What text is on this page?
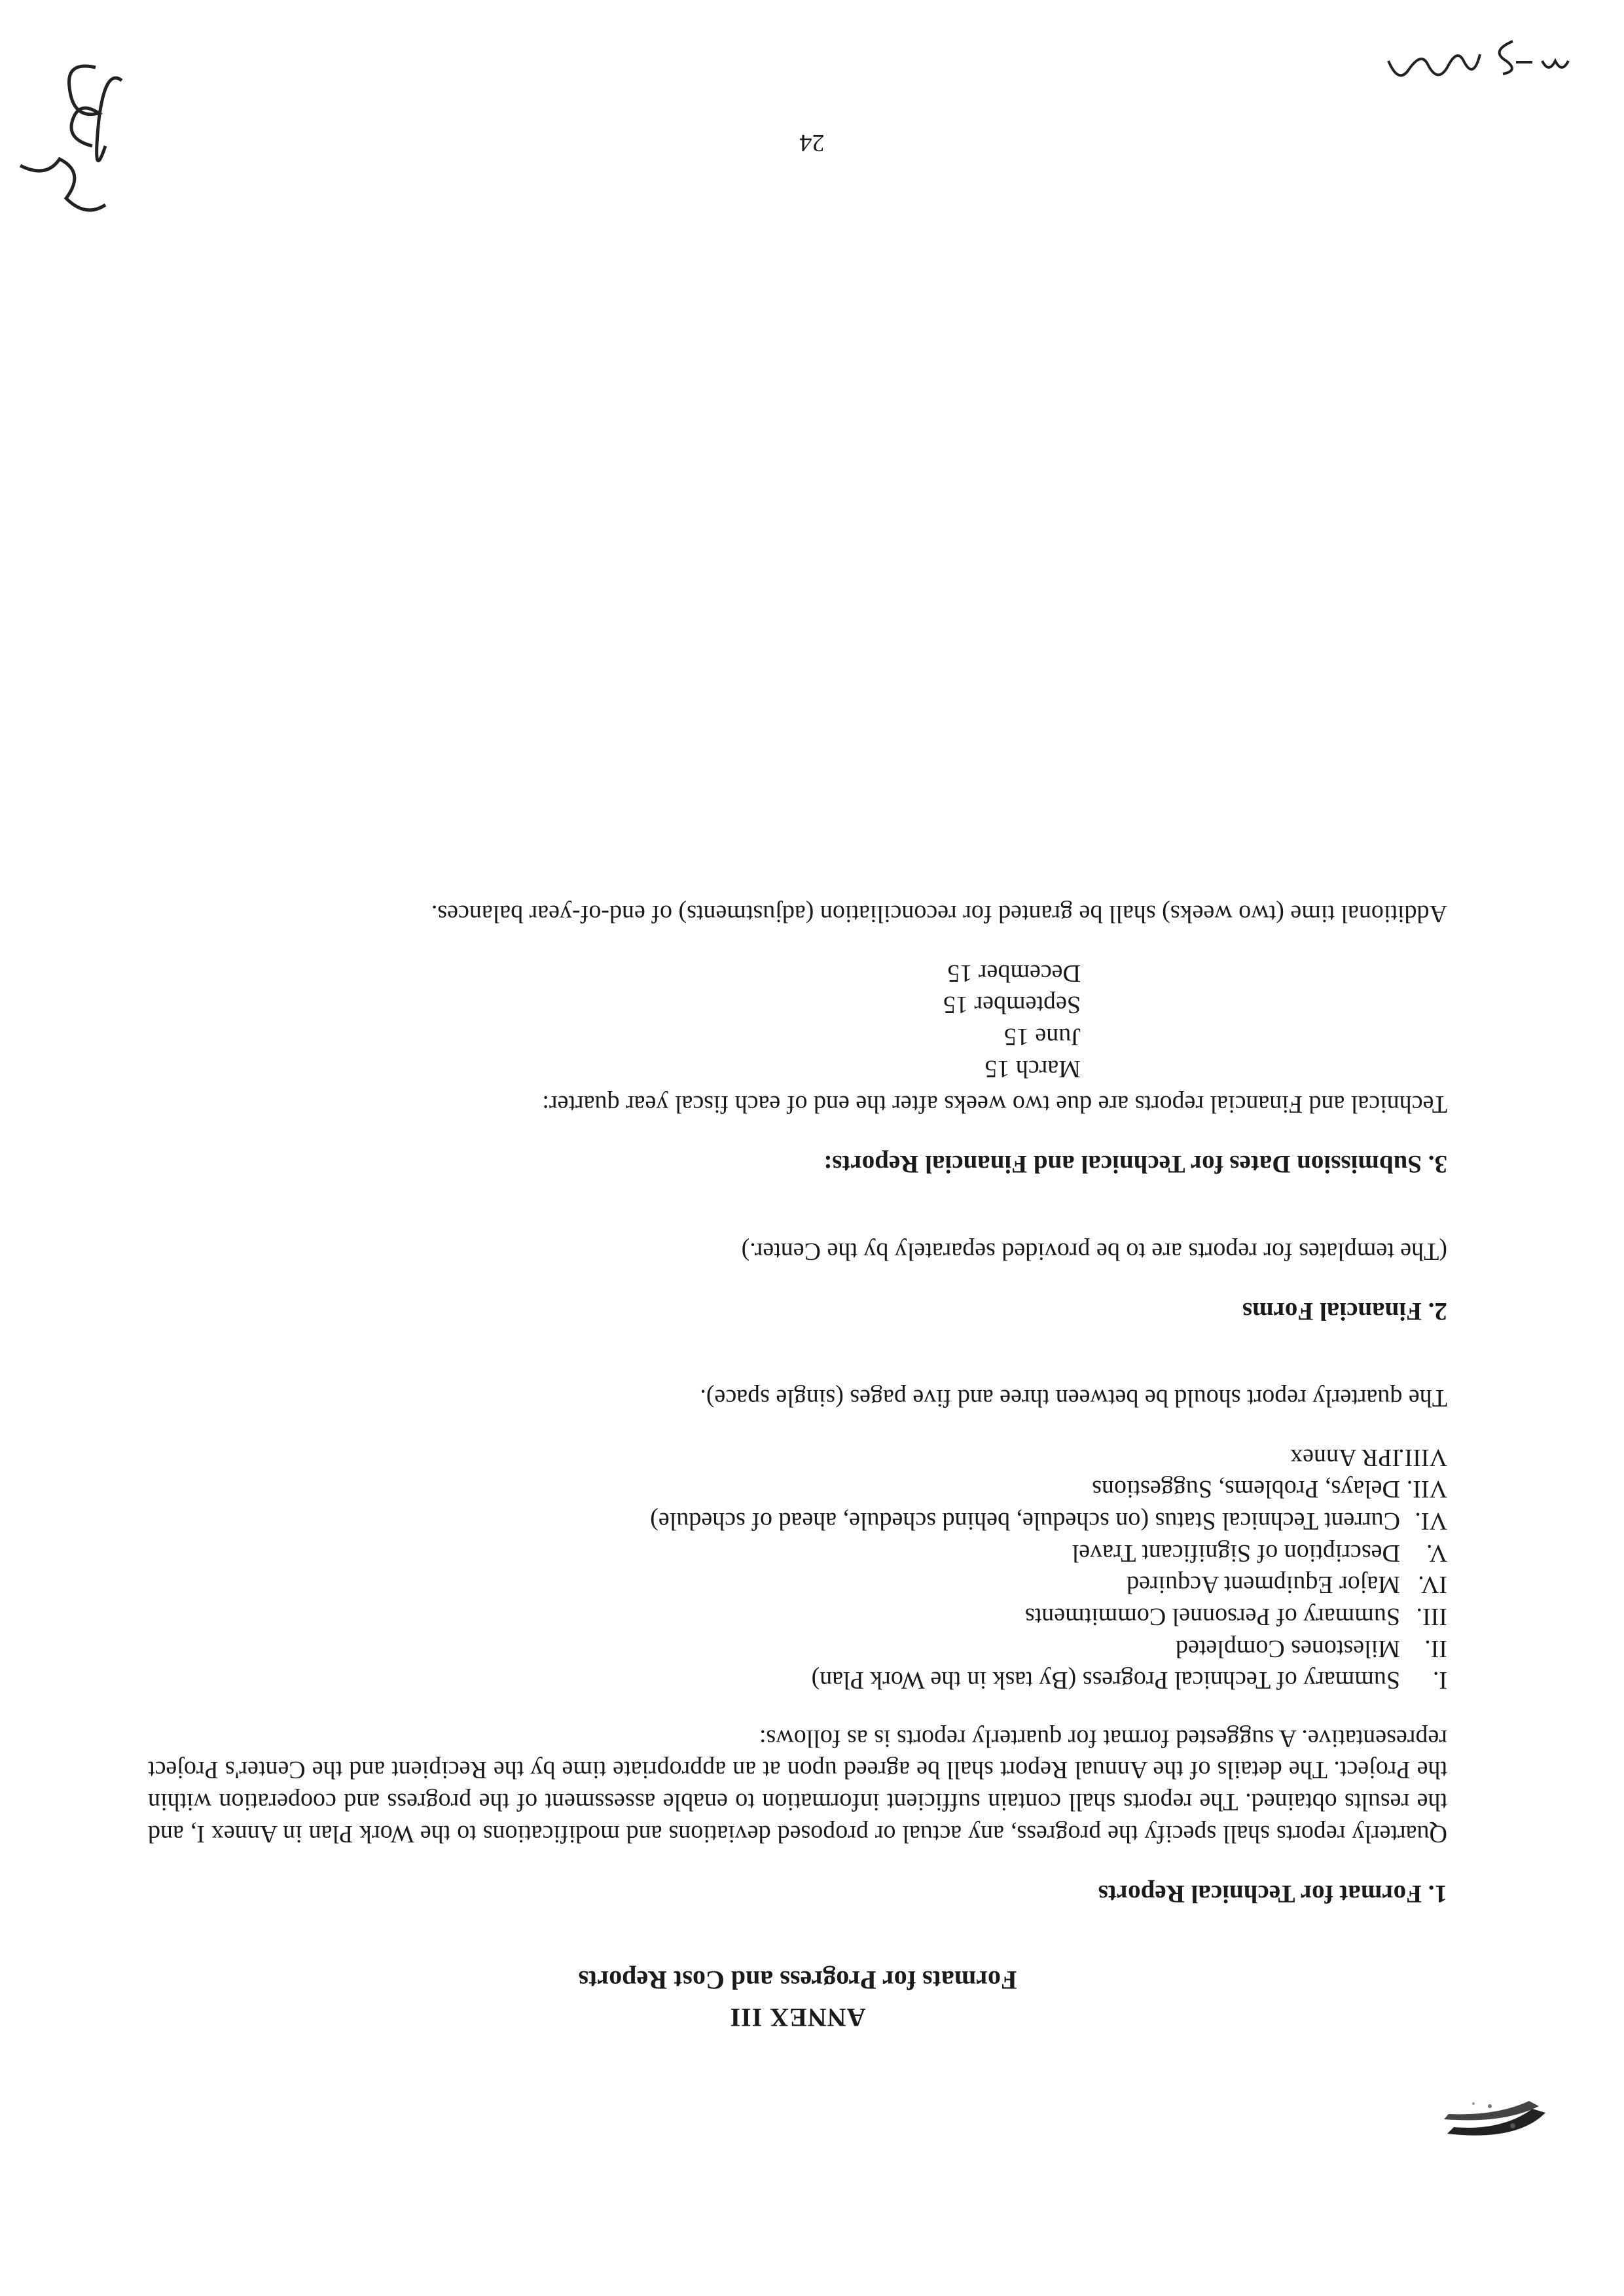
ANNEX III

Formats for Progress and Cost Reports

1. Format for Technical Reports

Quarterly reports shall specify the progress, any actual or proposed deviations and modifications to the Work Plan in Annex I, and the results obtained. The reports shall contain sufficient information to enable assessment of the progress and cooperation within the Project. The details of the Annual Report shall be agreed upon at an appropriate time by the Recipient and the Center's Project representative. A suggested format for quarterly reports is as follows:

I.
Summary of Technical Progress (By task in the Work Plan)
II.
Milestones Completed
III.
Summary of Personnel Commitments
IV.
Major Equipment Acquired
V.
Description of Significant Travel
VI.
Current Technical Status (on schedule, behind schedule, ahead of schedule)
VII.
Delays, Problems, Suggestions
VIII.
IPR Annex

The quarterly report should be between three and five pages (single space).

2. Financial Forms

(The templates for reports are to be provided separately by the Center.)

3. Submission Dates for Technical and Financial Reports:

Technical and Financial reports are due two weeks after the end of each fiscal year quarter:

March 15
June 15
September 15
December 15

Additional time (two weeks) shall be granted for reconciliation (adjustments) of end-of-year balances.

24
